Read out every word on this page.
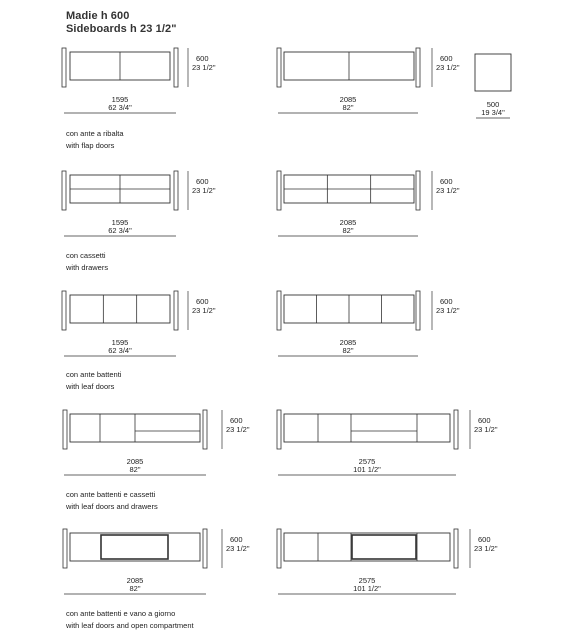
Madie h 600
Sideboards h 23 1/2"
con ante a ribalta
with flap doors
con cassetti
with drawers
con ante battenti
with leaf doors
con ante battenti e cassetti
with leaf doors and drawers
con ante battenti e vano a giorno
with leaf doors and open compartment
600
23 1/2"
1595
62 3/4"
600
23 1/2"
2085
82"
600
23 1/2"
1595
62 3/4"
600
23 1/2"
2085
82"
600
23 1/2"
1595
62 3/4"
600
23 1/2"
2085
82"
600
23 1/2"
2085
82"
600
23 1/2"
2575
101 1/2"
600
23 1/2"
2085
82"
600
23 1/2"
2575
101 1/2"
500
19 3/4"
